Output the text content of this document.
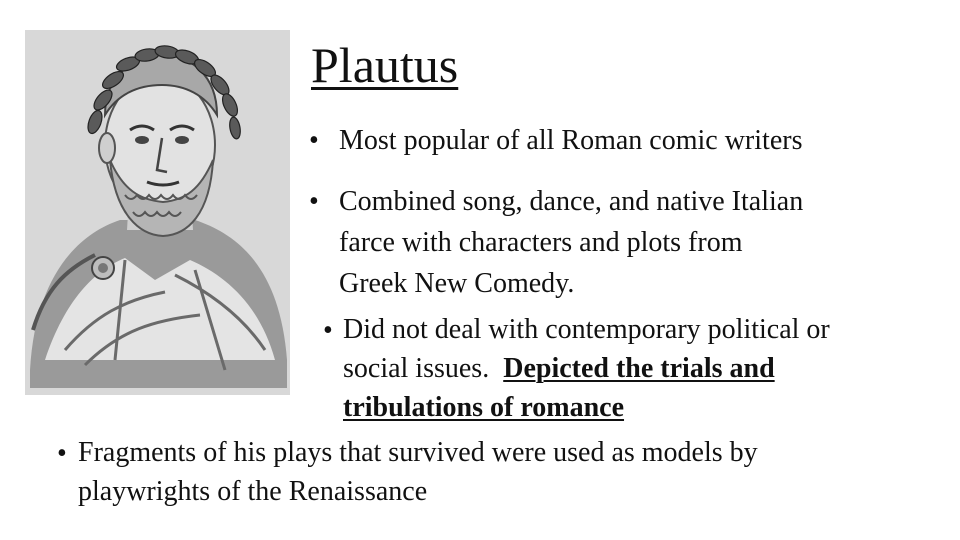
Plautus
• Most popular of all Roman comic writers
• Combined song, dance, and native Italian
farce with characters and plots from
Greek New Comedy.
• Did not deal with contemporary political or
social issues.  Depicted the trials and
tribulations of romance
• Fragments of his plays that survived were used as models by
playwrights of the Renaissance
